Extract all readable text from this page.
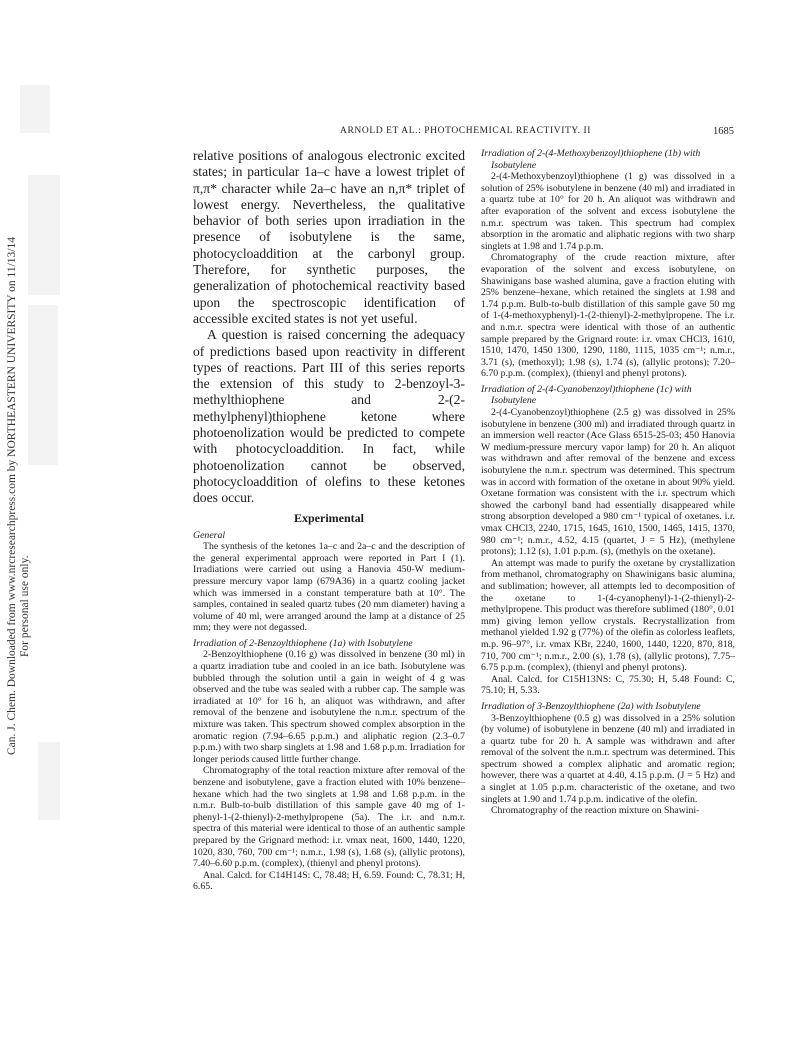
Can. J. Chem. Downloaded from www.nrcresearchpress.com by NORTHEASTERN UNIVERSITY on 11/13/14 For personal use only.
ARNOLD ET AL.: PHOTOCHEMICAL REACTIVITY. II	1685

relative positions of analogous electronic excited states; in particular 1a–c have a lowest triplet of π,π* character while 2a–c have an n,π* triplet of lowest energy. Nevertheless, the qualitative behavior of both series upon irradiation in the presence of isobutylene is the same, photocycloaddition at the carbonyl group. Therefore, for synthetic purposes, the generalization of photochemical reactivity based upon the spectroscopic identification of accessible excited states is not yet useful.

A question is raised concerning the adequacy of predictions based upon reactivity in different types of reactions. Part III of this series reports the extension of this study to 2-benzoyl-3-methylthiophene and 2-(2-methylphenyl)thiophene ketone where photoenolization would be predicted to compete with photocycloaddition. In fact, while photoenolization cannot be observed, photocycloaddition of olefins to these ketones does occur.

Experimental

General

The synthesis of the ketones 1a–c and 2a–c and the description of the general experimental approach were reported in Part I (1). Irradiations were carried out using a Hanovia 450-W medium-pressure mercury vapor lamp (679A36) in a quartz cooling jacket which was immersed in a constant temperature bath at 10°. The samples, contained in sealed quartz tubes (20 mm diameter) having a volume of 40 ml, were arranged around the lamp at a distance of 25 mm; they were not degassed.

Irradiation of 2-Benzoylthiophene (1a) with Isobutylene

2-Benzoylthiophene (0.16 g) was dissolved in benzene (30 ml) in a quartz irradiation tube and cooled in an ice bath. Isobutylene was bubbled through the solution until a gain in weight of 4 g was observed and the tube was sealed with a rubber cap. The sample was irradiated at 10° for 16 h, an aliquot was withdrawn, and after removal of the benzene and isobutylene the n.m.r. spectrum of the mixture was taken. This spectrum showed complex absorption in the aromatic region (7.94–6.65 p.p.m.) and aliphatic region (2.3–0.7 p.p.m.) with two sharp singlets at 1.98 and 1.68 p.p.m. Irradiation for longer periods caused little further change.

Chromatography of the total reaction mixture after removal of the benzene and isobutylene, gave a fraction eluted with 10% benzene–hexane which had the two singlets at 1.98 and 1.68 p.p.m. in the n.m.r. Bulb-to-bulb distillation of this sample gave 40 mg of 1-phenyl-1-(2-thienyl)-2-methylpropene (5a). The i.r. and n.m.r. spectra of this material were identical to those of an authentic sample prepared by the Grignard method: i.r. νmax neat, 1600, 1440, 1220, 1020, 830, 760, 700 cm⁻¹; n.m.r., 1.98 (s), 1.68 (s), (allylic protons), 7.40–6.60 p.p.m. (complex), (thienyl and phenyl protons).

Anal. Calcd. for C14H14S: C, 78.48; H, 6.59. Found: C, 78.31; H, 6.65.

Irradiation of 2-(4-Methoxybenzoyl)thiophene (1b) with Isobutylene

2-(4-Methoxybenzoyl)thiophene (1 g) was dissolved in a solution of 25% isobutylene in benzene (40 ml) and irradiated in a quartz tube at 10° for 20 h. An aliquot was withdrawn and after evaporation of the solvent and excess isobutylene the n.m.r. spectrum was taken. This spectrum had complex absorption in the aromatic and aliphatic regions with two sharp singlets at 1.98 and 1.74 p.p.m.

Chromatography of the crude reaction mixture, after evaporation of the solvent and excess isobutylene, on Shawinigans base washed alumina, gave a fraction eluting with 25% benzene–hexane, which retained the singlets at 1.98 and 1.74 p.p.m. Bulb-to-bulb distillation of this sample gave 50 mg of 1-(4-methoxyphenyl)-1-(2-thienyl)-2-methylpropene. The i.r. and n.m.r. spectra were identical with those of an authentic sample prepared by the Grignard route: i.r. νmax CHCl3, 1610, 1510, 1470, 1450 1300, 1290, 1180, 1115, 1035 cm⁻¹; n.m.r., 3.71 (s), (methoxyl); 1.98 (s), 1.74 (s), (allylic protons); 7.20–6.70 p.p.m. (complex), (thienyl and phenyl protons).

Irradiation of 2-(4-Cyanobenzoyl)thiophene (1c) with Isobutylene

2-(4-Cyanobenzoyl)thiophene (2.5 g) was dissolved in 25% isobutylene in benzene (300 ml) and irradiated through quartz in an immersion well reactor (Ace Glass 6515-25-03; 450 Hanovia W medium-pressure mercury vapor lamp) for 20 h. An aliquot was withdrawn and after removal of the benzene and excess isobutylene the n.m.r. spectrum was determined. This spectrum was in accord with formation of the oxetane in about 90% yield. Oxetane formation was consistent with the i.r. spectrum which showed the carbonyl band had essentially disappeared while strong absorption developed a 980 cm⁻¹ typical of oxetanes. i.r. νmax CHCl3, 2240, 1715, 1645, 1610, 1500, 1465, 1415, 1370, 980 cm⁻¹; n.m.r., 4.52, 4.15 (quartet, J = 5 Hz), (methylene protons); 1.12 (s), 1.01 p.p.m. (s), (methyls on the oxetane).

An attempt was made to purify the oxetane by crystallization from methanol, chromatography on Shawinigans basic alumina, and sublimation; however, all attempts led to decomposition of the oxetane to 1-(4-cyanophenyl)-1-(2-thienyl)-2-methylpropene. This product was therefore sublimed (180°, 0.01 mm) giving lemon yellow crystals. Recrystallization from methanol yielded 1.92 g (77%) of the olefin as colorless leaflets, m.p. 96–97°, i.r. νmax KBr, 2240, 1600, 1440, 1220, 870, 818, 710, 700 cm⁻¹; n.m.r., 2.00 (s), 1.78 (s), (allylic protons), 7.75–6.75 p.p.m. (complex), (thienyl and phenyl protons).

Anal. Calcd. for C15H13NS: C, 75.30; H, 5.48 Found: C, 75.10; H, 5.33.

Irradiation of 3-Benzoylthiophene (2a) with Isobutylene

3-Benzoylthiophene (0.5 g) was dissolved in a 25% solution (by volume) of isobutylene in benzene (40 ml) and irradiated in a quartz tube for 20 h. A sample was withdrawn and after removal of the solvent the n.m.r. spectrum was determined. This spectrum showed a complex aliphatic and aromatic region; however, there was a quartet at 4.40, 4.15 p.p.m. (J = 5 Hz) and a singlet at 1.05 p.p.m. characteristic of the oxetane, and two singlets at 1.90 and 1.74 p.p.m. indicative of the olefin.

Chromatography of the reaction mixture on Shawini-
